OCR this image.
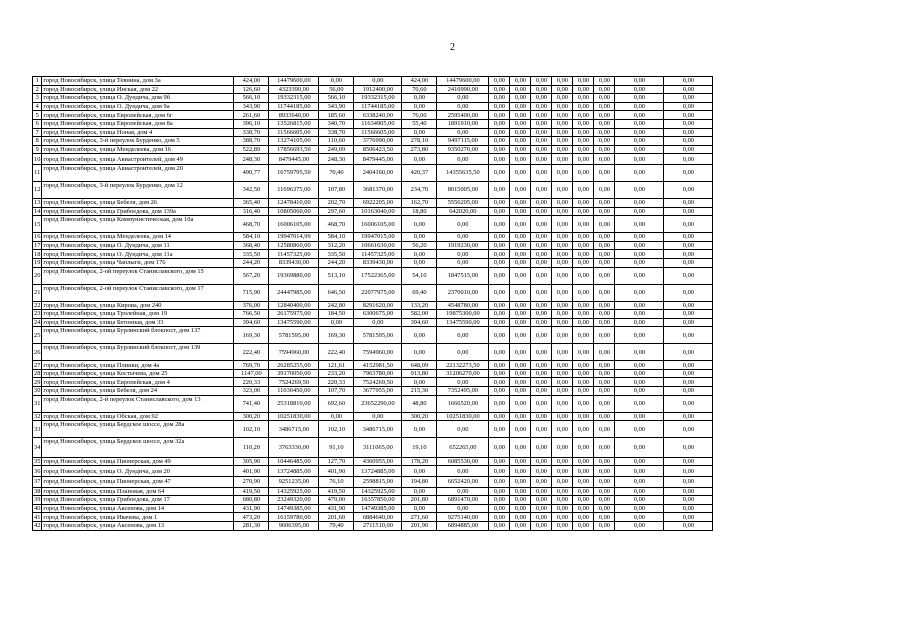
2
1	город Новосибирск, улица Тевнина, дом 3а	424,00	14479600,00	0,00	0,00	424,00	14479600,00	0,00	0,00	0,00	0,00	0,00	0,00	0,00	0,00
2	город Новосибирск, улица Инская, дом 22	126,60	4323390,00	56,00	1912400,00	70,60	2410990,00	0,00	0,00	0,00	0,00	0,00	0,00	0,00	0,00
3	город Новосибирск, улица О. Дундича, дом 9б	566,10	19332315,00	566,10	19332315,00	0,00	0,00	0,00	0,00	0,00	0,00	0,00	0,00	0,00	0,00
4	город Новосибирск, улица О. Дундича, дом 9а	343,90	11744185,00	343,90	11744185,00	0,00	0,00	0,00	0,00	0,00	0,00	0,00	0,00	0,00	0,00
5	город Новосибирск, улица Европейская, дом 6г	261,60	8933640,00	185,60	6338240,00	76,00	2595400,00	0,00	0,00	0,00	0,00	0,00	0,00	0,00	0,00
6	город Новосибирск, улица Европейская, дом 8а	396,10	13526815,00	340,70	11634905,00	55,40	1891910,00	0,00	0,00	0,00	0,00	0,00	0,00	0,00	0,00
7	город Новосибирск, улица Ноная, дом 4	338,70	11566605,00	338,70	11566605,00	0,00	0,00	0,00	0,00	0,00	0,00	0,00	0,00	0,00	0,00
8	город Новосибирск, 3-й переулок Бурденко, дом 5	388,70	13274105,00	110,60	3776990,00	278,10	9497115,00	0,00	0,00	0,00	0,00	0,00	0,00	0,00	0,00
9	город Новосибирск, улица Менделеева, дом 16	522,89	17856693,50	249,09	8506423,50	273,80	9350270,00	0,00	0,00	0,00	0,00	0,00	0,00	0,00	0,00
10	город Новосибирск, улица Авиастроителей, дом 49	248,30	8479445,00	248,30	8479445,00	0,00	0,00	0,00	0,00	0,00	0,00	0,00	0,00	0,00	0,00
11	город Новосибирск, улица Авиастроителей, дом 20	490,77	16759795,50	70,40	2404160,00	420,37	14355635,50	0,00	0,00	0,00	0,00	0,00	0,00	0,00	0,00
12	город Новосибирск, 3-й переулок Бурденко, дом 12	342,50	11696375,00	107,80	3681370,00	234,70	8015005,00	0,00	0,00	0,00	0,00	0,00	0,00	0,00	0,00
13	город Новосибирск, улица Бебеля, дом 26	365,40	12478410,00	202,70	6922205,00	162,70	5556205,00	0,00	0,00	0,00	0,00	0,00	0,00	0,00	0,00
14	город Новосибирск, улица Грибоедова, дом 139а	316,40	10805060,00	297,60	10163040,00	18,80	642020,00	0,00	0,00	0,00	0,00	0,00	0,00	0,00	0,00
15	город Новосибирск, улица Коммунистическая, дом 10а	468,70	16006105,00	468,70	16006105,00	0,00	0,00	0,00	0,00	0,00	0,00	0,00	0,00	0,00	0,00
16	город Новосибирск, улица Менделеева, дом 14	584,10	19947014,99	584,10	19947015,00	0,00	0,00	0,00	0,00	0,00	0,00	0,00	0,00	0,00	0,00
17	город Новосибирск, улица О. Дундича, дом 11	368,40	12580860,00	312,20	10661630,00	56,20	1919230,00	0,00	0,00	0,00	0,00	0,00	0,00	0,00	0,00
18	город Новосибирск, улица О. Дундича, дом 11а	335,50	11457325,00	335,50	11457325,00	0,00	0,00	0,00	0,00	0,00	0,00	0,00	0,00	0,00	0,00
19	город Новосибирск, улица Чаплыги, дом 176	244,20	8339430,00	244,20	8339430,00	0,00	0,00	0,00	0,00	0,00	0,00	0,00	0,00	0,00	0,00
20	город Новосибирск, 2-ой переулок Станиславского, дом 15	567,20	19369880,00	513,10	17522365,00	54,10	1847515,00	0,00	0,00	0,00	0,00	0,00	0,00	0,00	0,00
21	город Новосибирск, 2-ой переулок Станиславского, дом 17	715,90	24447985,00	646,50	22077975,00	69,40	2370010,00	0,00	0,00	0,00	0,00	0,00	0,00	0,00	0,00
22	город Новосибирск, улица Кирова, дом 240	376,00	12840400,00	242,80	8291620,00	133,20	4548780,00	0,00	0,00	0,00	0,00	0,00	0,00	0,00	0,00
23	город Новосибирск, улица Тролейная, дом 19	766,50	26175975,00	184,50	6300675,00	582,00	19875300,00	0,00	0,00	0,00	0,00	0,00	0,00	0,00	0,00
24	город Новосибирск, улица Бетонная, дом 33	394,60	13475590,00	0,00	0,00	394,60	13475590,00	0,00	0,00	0,00	0,00	0,00	0,00	0,00	0,00
25	город Новосибирск, улица Бурлинский блокпост, дом 137	169,30	5781595,00	169,30	5781595,00	0,00	0,00	0,00	0,00	0,00	0,00	0,00	0,00	0,00	0,00
26	город Новосибирск, улица Бурлинский блокпост, дом 139	222,40	7594960,00	222,40	7594960,00	0,00	0,00	0,00	0,00	0,00	0,00	0,00	0,00	0,00	0,00
27	город Новосибирск, улица Плинки, дом 4а	769,70	26285255,00	121,61	4152981,50	648,09	22132273,50	0,00	0,00	0,00	0,00	0,00	0,00	0,00	0,00
28	город Новосибирск, улица Костычева, дом 25	1147,00	39170050,00	233,20	7963780,00	913,80	31206270,00	0,00	0,00	0,00	0,00	0,00	0,00	0,00	0,00
29	город Новосибирск, улица Европейская, дом 4	220,33	7524269,50	220,33	7524269,50	0,00	0,00	0,00	0,00	0,00	0,00	0,00	0,00	0,00	0,00
30	город Новосибирск, улица Бебеля, дом 24	323,00	11030450,00	107,70	3677955,00	215,30	7352495,00	0,00	0,00	0,00	0,00	0,00	0,00	0,00	0,00
31	город Новосибирск, 2-й переулок Станиславского, дом 13	741,40	25318810,00	692,60	23652290,00	48,80	1666520,00	0,00	0,00	0,00	0,00	0,00	0,00	0,00	0,00
32	город Новосибирск, улица Обская, дом 92	300,20	10251830,00	0,00	0,00	300,20	10251830,00	0,00	0,00	0,00	0,00	0,00	0,00	0,00	0,00
33	город Новосибирск, улица Бердское шоссе, дом 28а	102,10	3486715,00	102,10	3486715,00	0,00	0,00	0,00	0,00	0,00	0,00	0,00	0,00	0,00	0,00
34	город Новосибирск, улица Бердское шоссе, дом 32а	110,20	3763330,00	91,10	3111065,00	19,10	652265,00	0,00	0,00	0,00	0,00	0,00	0,00	0,00	0,00
35	город Новосибирск, улица Пионерская, дом 49	305,90	10446485,00	127,70	4360955,00	178,20	6085530,00	0,00	0,00	0,00	0,00	0,00	0,00	0,00	0,00
36	город Новосибирск, улица О. Дундича, дом 20	401,90	13724885,00	401,90	13724885,00	0,00	0,00	0,00	0,00	0,00	0,00	0,00	0,00	0,00	0,00
37	город Новосибирск, улица Пионерская, дом 47	270,90	9251235,00	76,10	2598815,00	194,80	6652420,00	0,00	0,00	0,00	0,00	0,00	0,00	0,00	0,00
38	город Новосибирск, улица Плановая, дом 64	419,50	14325925,00	419,50	14325925,00	0,00	0,00	0,00	0,00	0,00	0,00	0,00	0,00	0,00	0,00
39	город Новосибирск, улица Грибоедова, дом 17	680,80	23249320,00	479,00	16357850,00	201,80	6891470,00	0,00	0,00	0,00	0,00	0,00	0,00	0,00	0,00
40	город Новосибирск, улица Аксенова, дом 14	431,90	14749385,00	431,90	14749385,00	0,00	0,00	0,00	0,00	0,00	0,00	0,00	0,00	0,00	0,00
41	город Новосибирск, улица Ивачева, дом 1	473,20	16159780,00	201,60	6884640,00	271,60	9275140,00	0,00	0,00	0,00	0,00	0,00	0,00	0,00	0,00
42	город Новосибирск, улица Аксенова, дом 13	281,30	9606395,00	79,40	2711510,00	201,90	6894885,00	0,00	0,00	0,00	0,00	0,00	0,00	0,00	0,00
